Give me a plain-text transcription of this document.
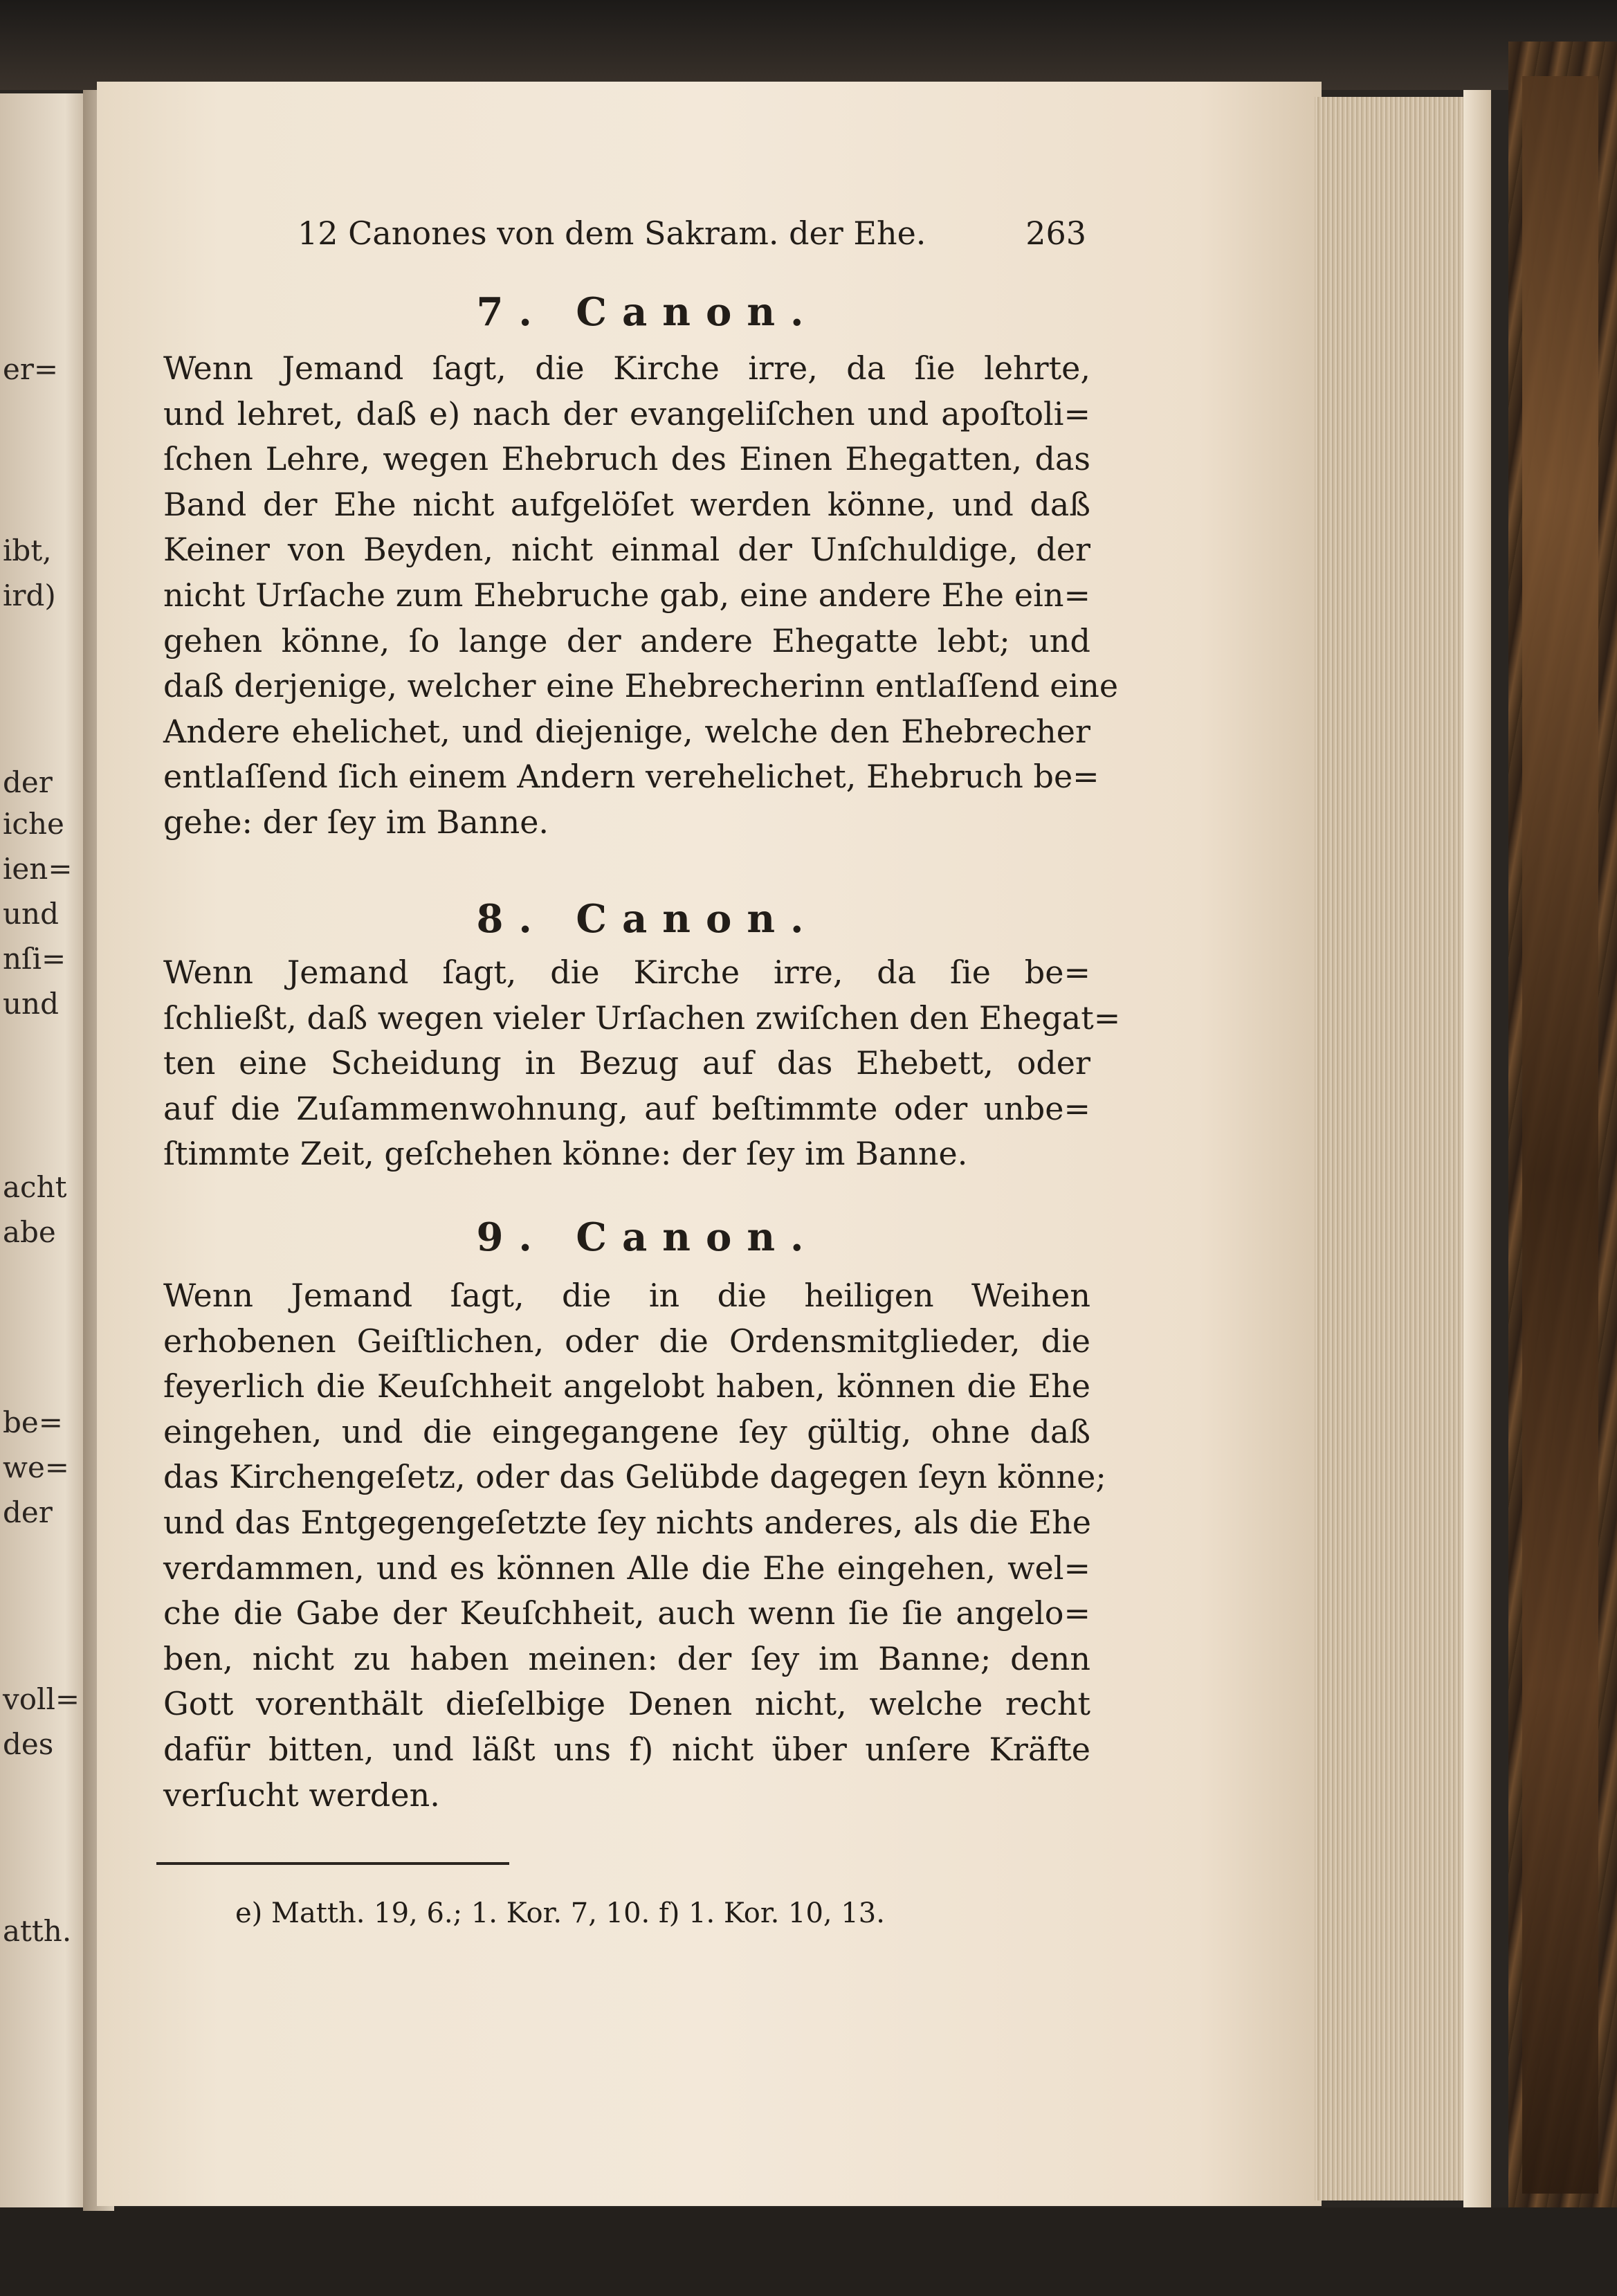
er=
ibt,
ird)
der
iche
ien=
und
nſi=
und
acht
abe
be=
we=
der
voll=
des
atth.
12 Canones von dem Sakram. der Ehe.	263
7. Canon.
Wenn Jemand ſagt, die Kirche irre, da ſie lehrte,
und lehret, daß e) nach der evangeliſchen und apoſtoli=
ſchen Lehre, wegen Ehebruch des Einen Ehegatten, das
Band der Ehe nicht aufgelöſet werden könne, und daß
Keiner von Beyden, nicht einmal der Unſchuldige, der
nicht Urſache zum Ehebruche gab, eine andere Ehe ein=
gehen könne, ſo lange der andere Ehegatte lebt; und
daß derjenige, welcher eine Ehebrecherinn entlaſſend eine
Andere ehelichet, und diejenige, welche den Ehebrecher
entlaſſend ſich einem Andern verehelichet, Ehebruch be=
gehe: der ſey im Banne.
8. Canon.
Wenn Jemand ſagt, die Kirche irre, da ſie be=
ſchließt, daß wegen vieler Urſachen zwiſchen den Ehegat=
ten eine Scheidung in Bezug auf das Ehebett, oder
auf die Zuſammenwohnung, auf beſtimmte oder unbe=
ſtimmte Zeit, geſchehen könne: der ſey im Banne.
9. Canon.
Wenn Jemand ſagt, die in die heiligen Weihen
erhobenen Geiſtlichen, oder die Ordensmitglieder, die
feyerlich die Keuſchheit angelobt haben, können die Ehe
eingehen, und die eingegangene ſey gültig, ohne daß
das Kirchengeſetz, oder das Gelübde dagegen ſeyn könne;
und das Entgegengeſetzte ſey nichts anderes, als die Ehe
verdammen, und es können Alle die Ehe eingehen, wel=
che die Gabe der Keuſchheit, auch wenn ſie ſie angelo=
ben, nicht zu haben meinen: der ſey im Banne; denn
Gott vorenthält dieſelbige Denen nicht, welche recht
dafür bitten, und läßt uns f) nicht über unſere Kräfte
verſucht werden.
e) Matth. 19, 6.; 1. Kor. 7, 10. f) 1. Kor. 10, 13.
